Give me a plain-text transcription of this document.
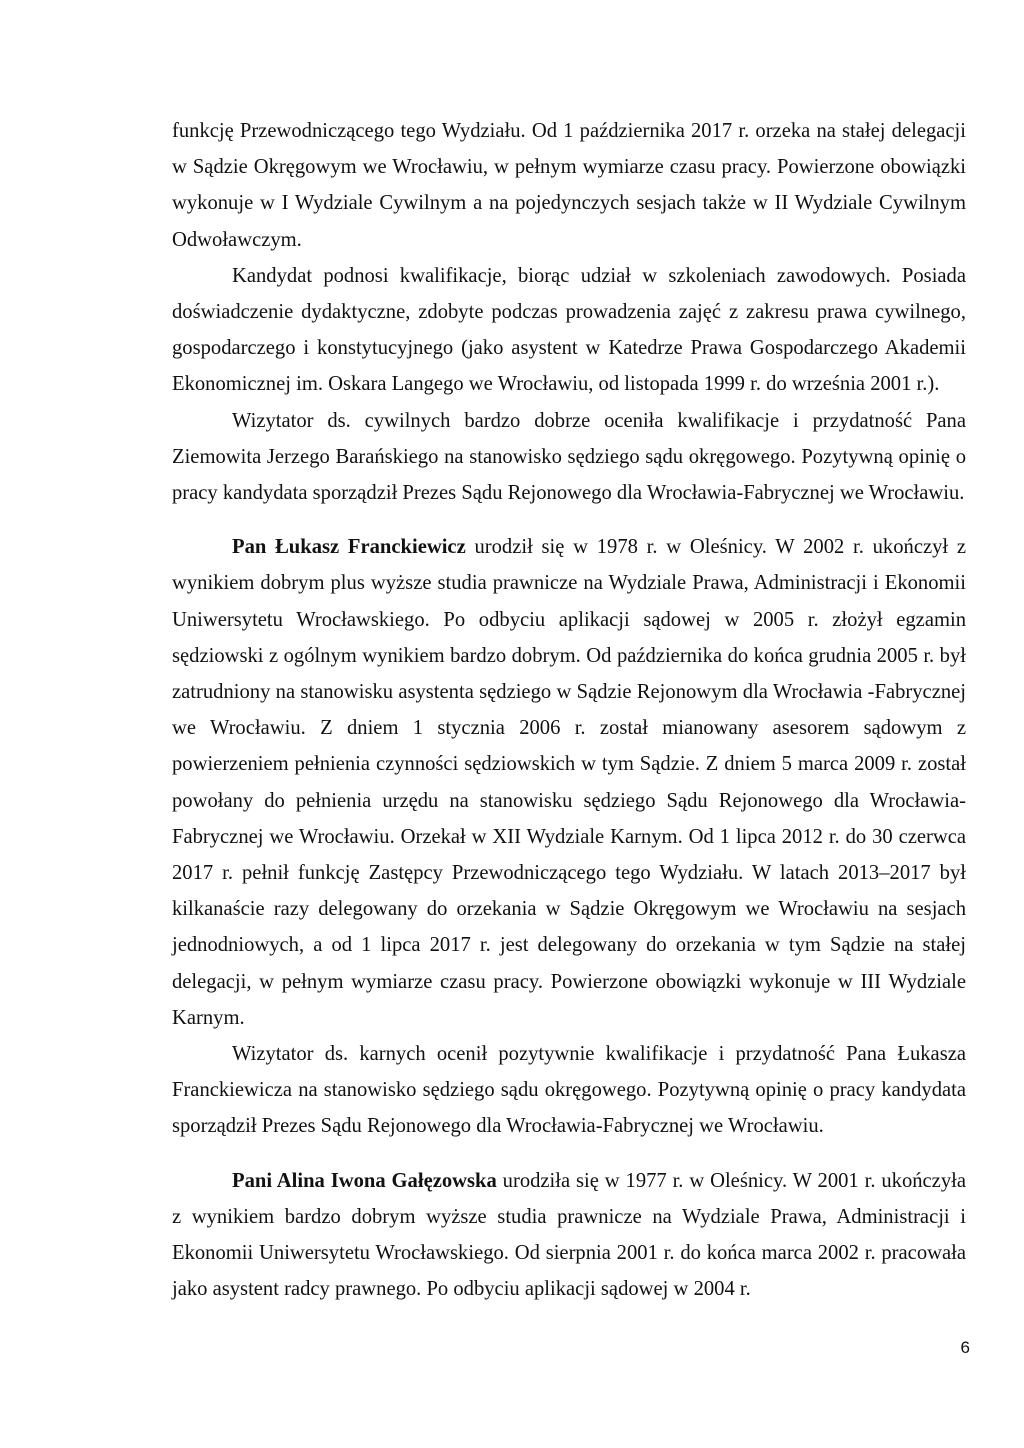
funkcję Przewodniczącego tego Wydziału. Od 1 października 2017 r. orzeka na stałej delegacji w Sądzie Okręgowym we Wrocławiu, w pełnym wymiarze czasu pracy. Powierzone obowiązki wykonuje w I Wydziale Cywilnym a na pojedynczych sesjach także w II Wydziale Cywilnym Odwoławczym.

Kandydat podnosi kwalifikacje, biorąc udział w szkoleniach zawodowych. Posiada doświadczenie dydaktyczne, zdobyte podczas prowadzenia zajęć z zakresu prawa cywilnego, gospodarczego i konstytucyjnego (jako asystent w Katedrze Prawa Gospodarczego Akademii Ekonomicznej im. Oskara Langego we Wrocławiu, od listopada 1999 r. do września 2001 r.).

Wizytator ds. cywilnych bardzo dobrze oceniła kwalifikacje i przydatność Pana Ziemowita Jerzego Barańskiego na stanowisko sędziego sądu okręgowego. Pozytywną opinię o pracy kandydata sporządził Prezes Sądu Rejonowego dla Wrocławia-Fabrycznej we Wrocławiu.

Pan Łukasz Franckiewicz urodził się w 1978 r. w Oleśnicy. W 2002 r. ukończył z wynikiem dobrym plus wyższe studia prawnicze na Wydziale Prawa, Administracji i Ekonomii Uniwersytetu Wrocławskiego. Po odbyciu aplikacji sądowej w 2005 r. złożył egzamin sędziowski z ogólnym wynikiem bardzo dobrym. Od października do końca grudnia 2005 r. był zatrudniony na stanowisku asystenta sędziego w Sądzie Rejonowym dla Wrocławia -Fabrycznej we Wrocławiu. Z dniem 1 stycznia 2006 r. został mianowany asesorem sądowym z powierzeniem pełnienia czynności sędziowskich w tym Sądzie. Z dniem 5 marca 2009 r. został powołany do pełnienia urzędu na stanowisku sędziego Sądu Rejonowego dla Wrocławia-Fabrycznej we Wrocławiu. Orzekał w XII Wydziale Karnym. Od 1 lipca 2012 r. do 30 czerwca 2017 r. pełnił funkcję Zastępcy Przewodniczącego tego Wydziału. W latach 2013–2017 był kilkanaście razy delegowany do orzekania w Sądzie Okręgowym we Wrocławiu na sesjach jednodniowych, a od 1 lipca 2017 r. jest delegowany do orzekania w tym Sądzie na stałej delegacji, w pełnym wymiarze czasu pracy. Powierzone obowiązki wykonuje w III Wydziale Karnym.

Wizytator ds. karnych ocenił pozytywnie kwalifikacje i przydatność Pana Łukasza Franckiewicza na stanowisko sędziego sądu okręgowego. Pozytywną opinię o pracy kandydata sporządził Prezes Sądu Rejonowego dla Wrocławia-Fabrycznej we Wrocławiu.

Pani Alina Iwona Gałęzowska urodziła się w 1977 r. w Oleśnicy. W 2001 r. ukończyła z wynikiem bardzo dobrym wyższe studia prawnicze na Wydziale Prawa, Administracji i Ekonomii Uniwersytetu Wrocławskiego. Od sierpnia 2001 r. do końca marca 2002 r. pracowała jako asystent radcy prawnego. Po odbyciu aplikacji sądowej w 2004 r.

6
